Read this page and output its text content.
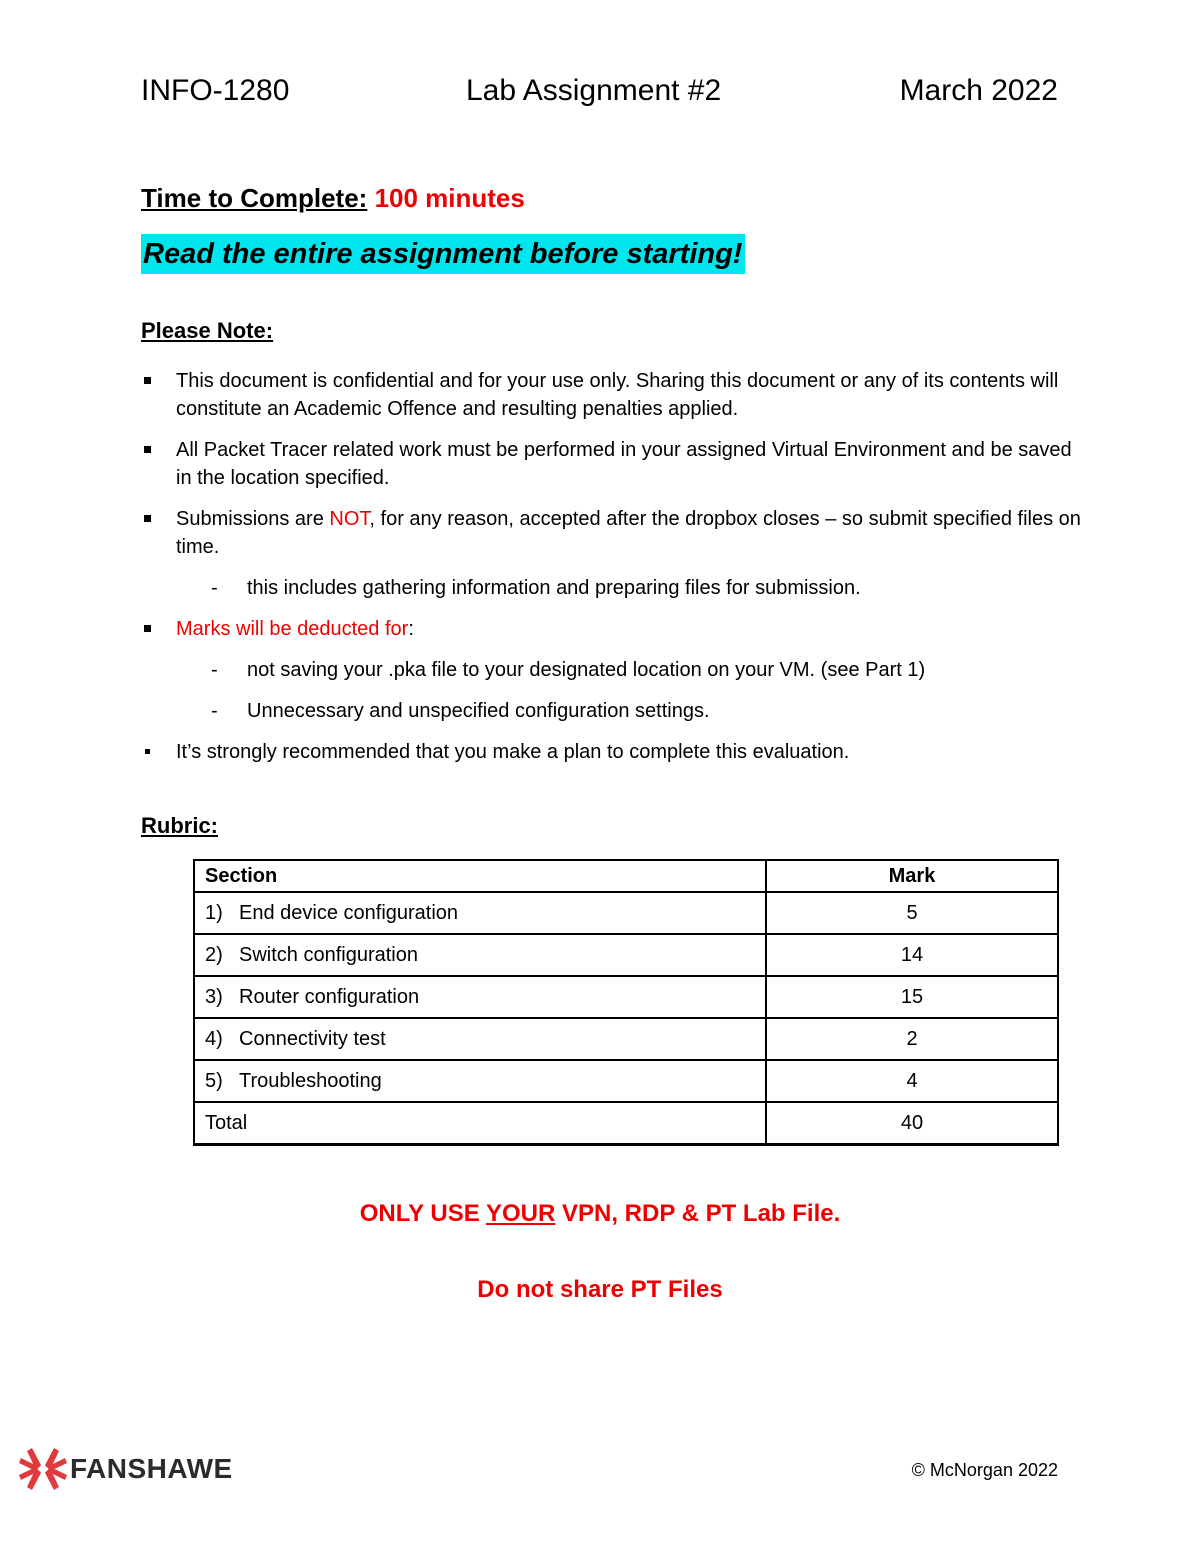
INFO-1280	Lab Assignment #2	March 2022
Time to Complete: 100 minutes
Read the entire assignment before starting!
Please Note:
This document is confidential and for your use only. Sharing this document or any of its contents will constitute an Academic Offence and resulting penalties applied.
All Packet Tracer related work must be performed in your assigned Virtual Environment and be saved in the location specified.
Submissions are NOT, for any reason, accepted after the dropbox closes – so submit specified files on time.
- this includes gathering information and preparing files for submission.
Marks will be deducted for:
- not saving your .pka file to your designated location on your VM. (see Part 1)
- Unnecessary and unspecified configuration settings.
It’s strongly recommended that you make a plan to complete this evaluation.
Rubric:
Section	Mark
1) End device configuration	5
2) Switch configuration	14
3) Router configuration	15
4) Connectivity test	2
5) Troubleshooting	4
Total	40
ONLY USE YOUR VPN, RDP & PT Lab File.
Do not share PT Files
FANSHAWE	© McNorgan 2022
